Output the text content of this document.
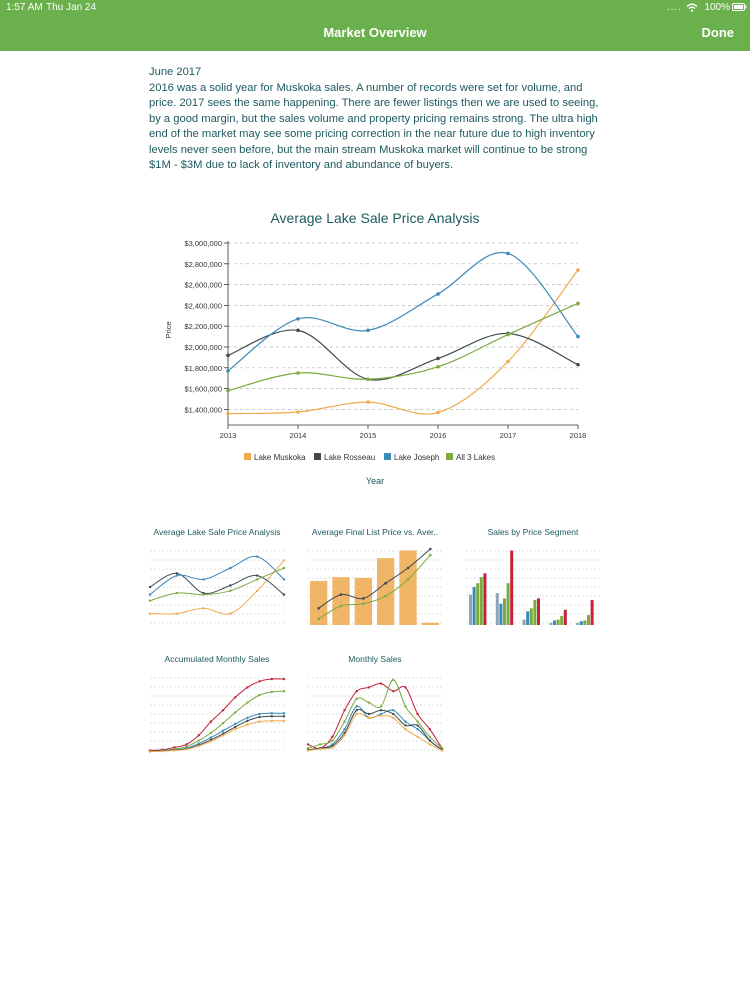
1:57 AM Thu Jan 24	.... 100%
Market Overview	Done

June 2017

2016 was a solid year for Muskoka sales. A number of records were set for volume, and price. 2017 sees the same happening. There are fewer listings then we are used to seeing, by a good margin, but the sales volume and property pricing remains strong. The ultra high end of the market may see some pricing correction in the near future due to high inventory levels never seen before, but the main stream Muskoka market will continue to be strong $1M - $3M due to lack of inventory and abundance of buyers.

Average Lake Sale Price Analysis
$1,400,000
$1,600,000
$1,800,000
$2,000,000
$2,200,000
$2,400,000
$2,600,000
$2,800,000
$3,000,000
Price
2013	2014	2015	2016	2017	2018
Lake Muskoka Lake Rosseau Lake Joseph All 3 Lakes
Year
Average Lake Sale Price Analysis	Average Final List Price vs. Aver..	Sales by Price Segment
Accumulated Monthly Sales	Monthly Sales
